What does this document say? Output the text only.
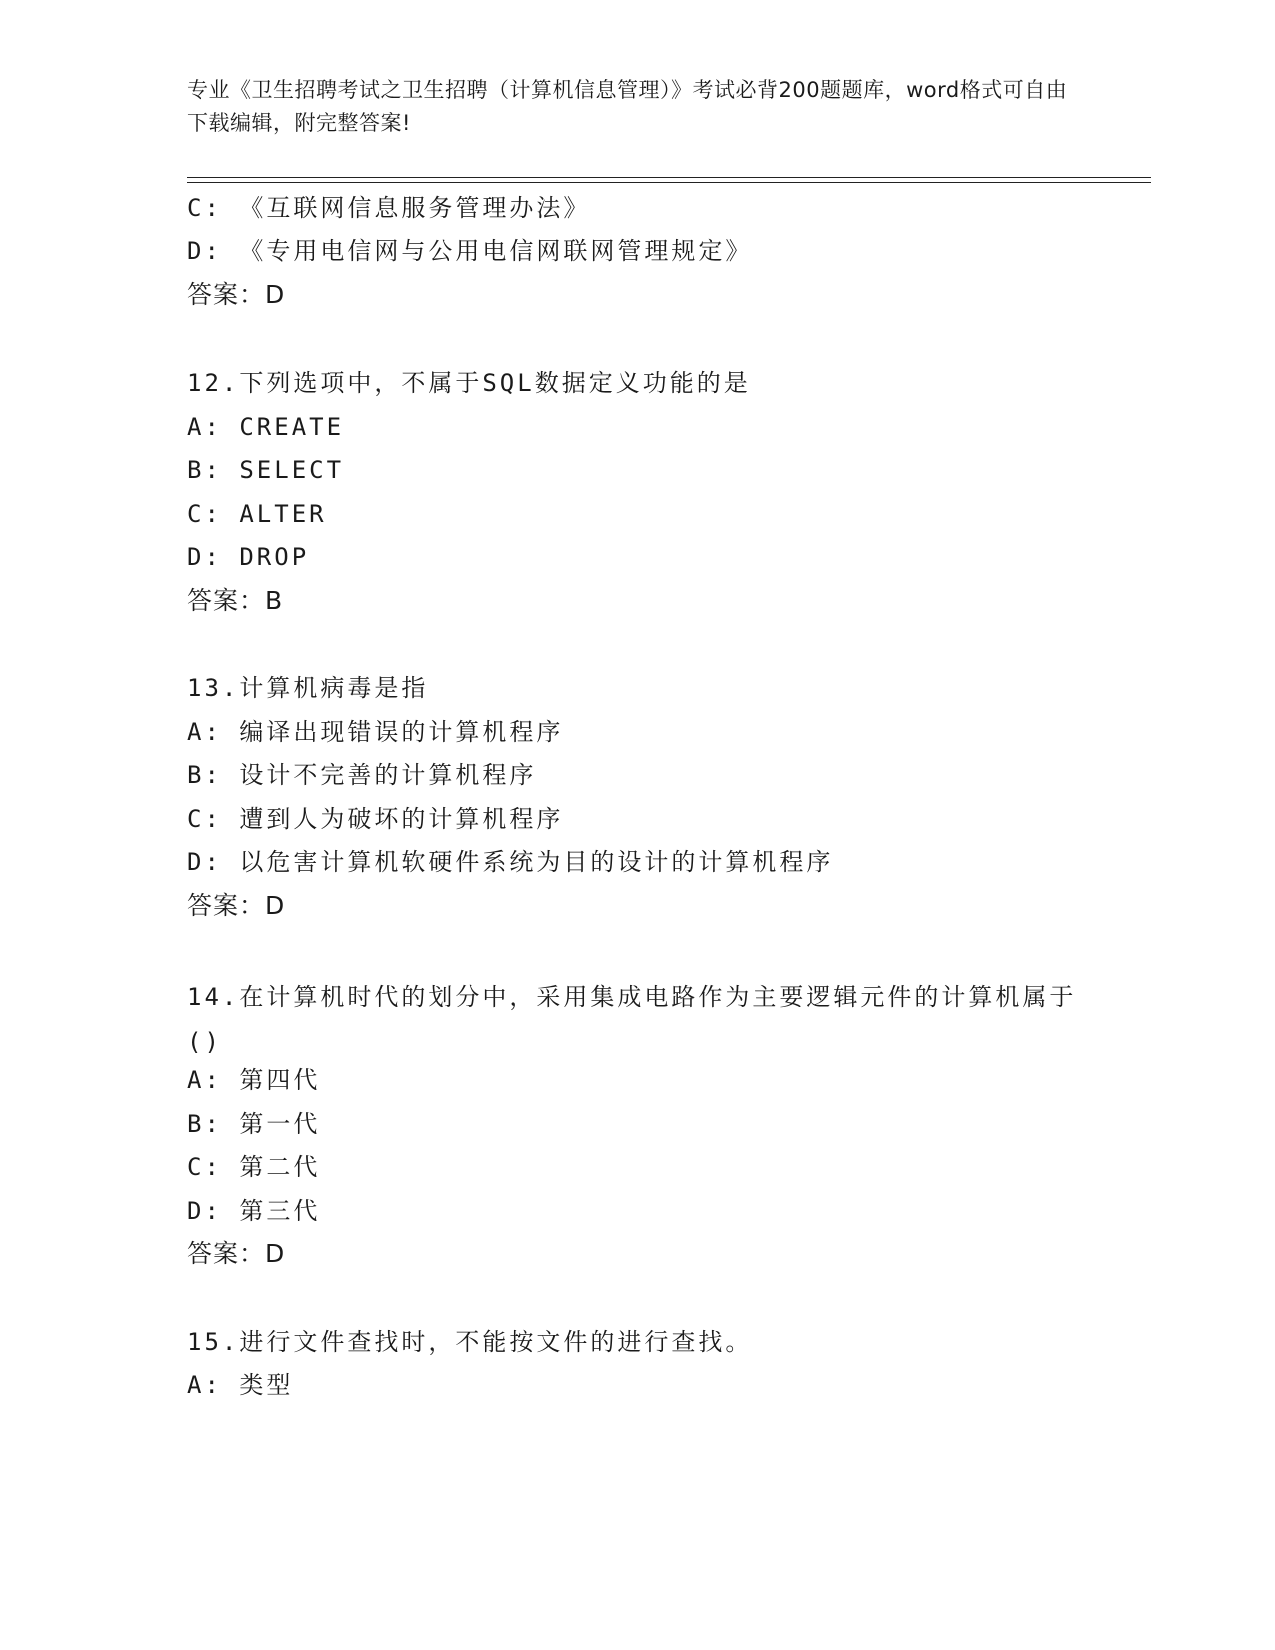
专业《卫生招聘考试之卫生招聘（计算机信息管理）》考试必背200题题库，word格式可自由下载编辑，附完整答案!
C: 《互联网信息服务管理办法》
D: 《专用电信网与公用电信网联网管理规定》
答案：D
12.下列选项中，不属于SQL数据定义功能的是
A: CREATE
B: SELECT
C: ALTER
D: DROP
答案：B
13.计算机病毒是指
A: 编译出现错误的计算机程序
B: 设计不完善的计算机程序
C: 遭到人为破坏的计算机程序
D: 以危害计算机软硬件系统为目的设计的计算机程序
答案：D
14.在计算机时代的划分中，采用集成电路作为主要逻辑元件的计算机属于()
A: 第四代
B: 第一代
C: 第二代
D: 第三代
答案：D
15.进行文件查找时，不能按文件的进行查找。
A: 类型
